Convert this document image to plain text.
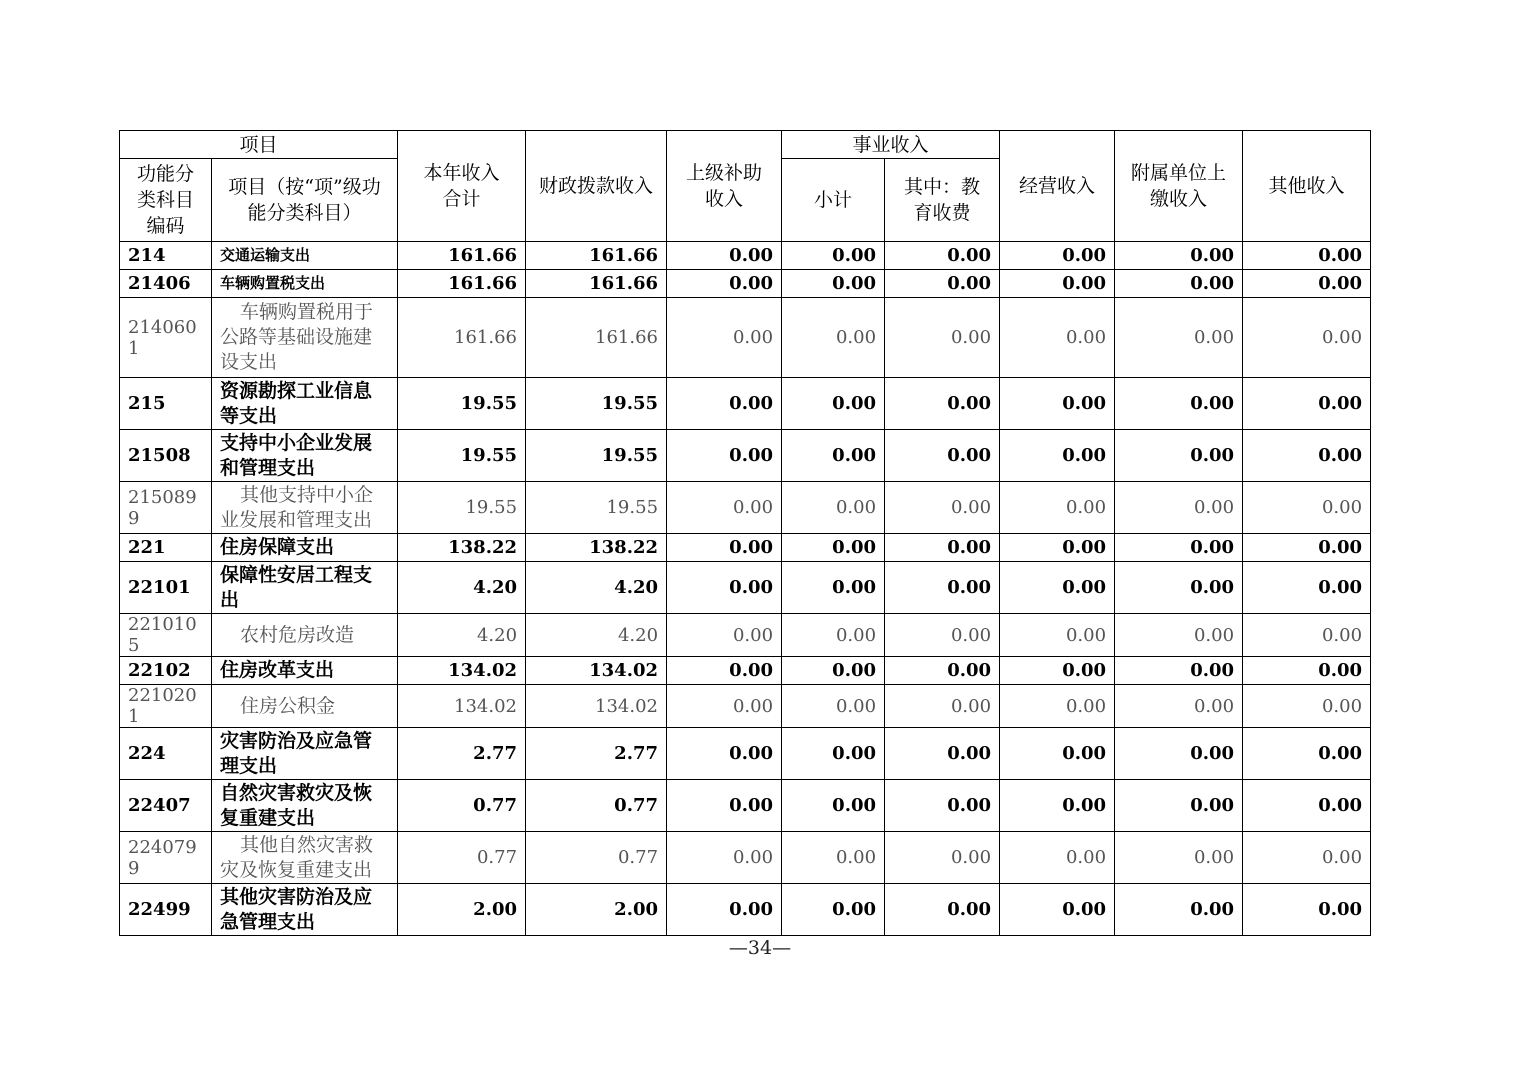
项目		本年收入合计	财政拨款收入	上级补助收入	事业收入		经营收入	附属单位上缴收入	其他收入
功能分类科目编码	项目（按“项”级功能分类科目）				小计	其中：教育收费			
214	交通运输支出	161.66	161.66	0.00	0.00	0.00	0.00	0.00	0.00
21406	车辆购置税支出	161.66	161.66	0.00	0.00	0.00	0.00	0.00	0.00
2140601	车辆购置税用于公路等基础设施建设支出	161.66	161.66	0.00	0.00	0.00	0.00	0.00	0.00
215	资源勘探工业信息等支出	19.55	19.55	0.00	0.00	0.00	0.00	0.00	0.00
21508	支持中小企业发展和管理支出	19.55	19.55	0.00	0.00	0.00	0.00	0.00	0.00
2150899	其他支持中小企业发展和管理支出	19.55	19.55	0.00	0.00	0.00	0.00	0.00	0.00
221	住房保障支出	138.22	138.22	0.00	0.00	0.00	0.00	0.00	0.00
22101	保障性安居工程支出	4.20	4.20	0.00	0.00	0.00	0.00	0.00	0.00
2210105	农村危房改造	4.20	4.20	0.00	0.00	0.00	0.00	0.00	0.00
22102	住房改革支出	134.02	134.02	0.00	0.00	0.00	0.00	0.00	0.00
2210201	住房公积金	134.02	134.02	0.00	0.00	0.00	0.00	0.00	0.00
224	灾害防治及应急管理支出	2.77	2.77	0.00	0.00	0.00	0.00	0.00	0.00
22407	自然灾害救灾及恢复重建支出	0.77	0.77	0.00	0.00	0.00	0.00	0.00	0.00
2240799	其他自然灾害救灾及恢复重建支出	0.77	0.77	0.00	0.00	0.00	0.00	0.00	0.00
22499	其他灾害防治及应急管理支出	2.00	2.00	0.00	0.00	0.00	0.00	0.00	0.00
—34—
